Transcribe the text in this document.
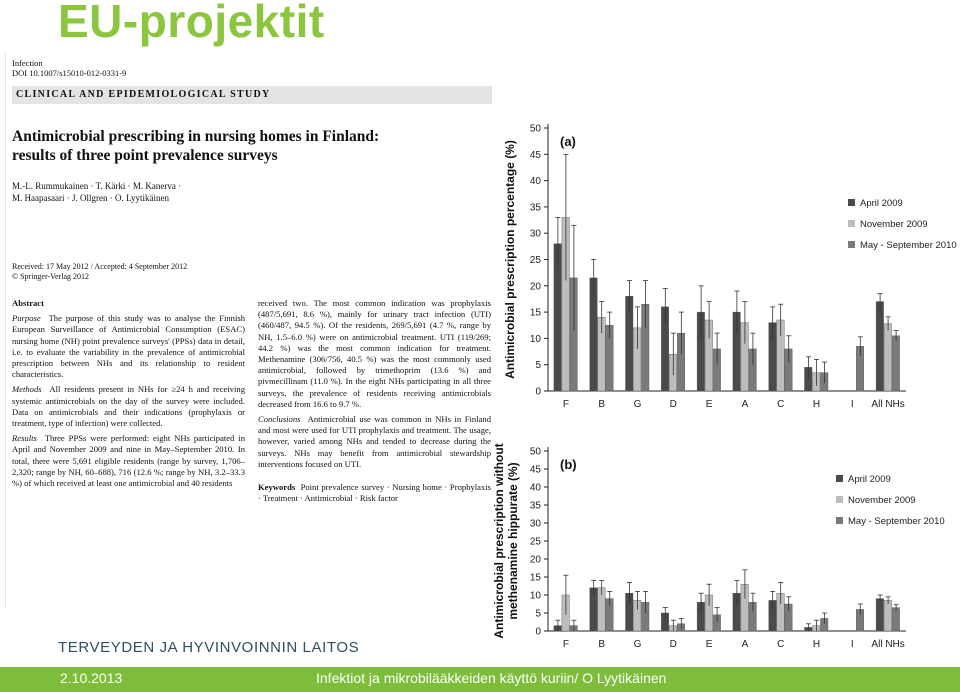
EU-projektit
Infection
DOI 10.1007/s15010-012-0331-9
CLINICAL AND EPIDEMIOLOGICAL STUDY
Antimicrobial prescribing in nursing homes in Finland:
results of three point prevalence surveys
M.-L. Rummukainen · T. Kärki · M. Kanerva ·
M. Haapasaari · J. Ollgren · O. Lyytikäinen
Received: 17 May 2012 / Accepted: 4 September 2012
© Springer-Verlag 2012

Abstract

Purpose The purpose of this study was to analyse the Finnish European Surveillance of Antimicrobial Consumption (ESAC) nursing home (NH) point prevalence surveys' (PPSs) data in detail, i.e. to evaluate the variability in the prevalence of antimicrobial prescription between NHs and its relationship to resident characteristics.

Methods All residents present in NHs for ≥24 h and receiving systemic antimicrobials on the day of the survey were included. Data on antimicrobials and their indications (prophylaxis or treatment, type of infection) were collected.

Results Three PPSs were performed: eight NHs participated in April and November 2009 and nine in May–September 2010. In total, there were 5,691 eligible residents (range by survey, 1,706–2,320; range by NH, 60–688), 716 (12.6 %; range by NH, 3.2–33.3 %) of which received at least one antimicrobial and 40 residents

received two. The most common indication was prophylaxis (487/5,691, 8.6 %), mainly for urinary tract infection (UTI) (460/487, 94.5 %). Of the residents, 269/5,691 (4.7 %, range by NH, 1.5–6.0 %) were on antimicrobial treatment. UTI (119/269; 44.2 %) was the most common indication for treatment. Methenamine (306/756, 40.5 %) was the most commonly used antimicrobial, followed by trimethoprim (13.6 %) and pivmecillinam (11.0 %). In the eight NHs participating in all three surveys, the prevalence of residents receiving antimicrobials decreased from 16.6 to 9.7 %.

Conclusions Antimicrobial use was common in NHs in Finland and most were used for UTI prophylaxis and treatment. The usage, however, varied among NHs and tended to decrease during the surveys. NHs may benefit from antimicrobial stewardship interventions focused on UTI.

Keywords Point prevalence survey · Nursing home · Prophylaxis · Treatment · Antimicrobial · Risk factor

Antimicrobial prescription percentage (%)
0
5
10
15
20
25
30
35
40
45
50
(a)
F	B	G	D	E	A	C	H	I All NHs
April 2009
November 2009
May - September 2010
Antimicrobial prescription withoutmethenamine hippurate (%)
0
5
10
15
20
25
30
35
40
45
50
(b)
F	B	G	D	E	A	C	H	I All NHs
April 2009
November 2009
May - September 2010
TERVEYDEN JA HYVINVOINNIN LAITOS
2.10.2013	Infektiot ja mikrobilääkkeiden käyttö kuriin/ O Lyytikäinen
